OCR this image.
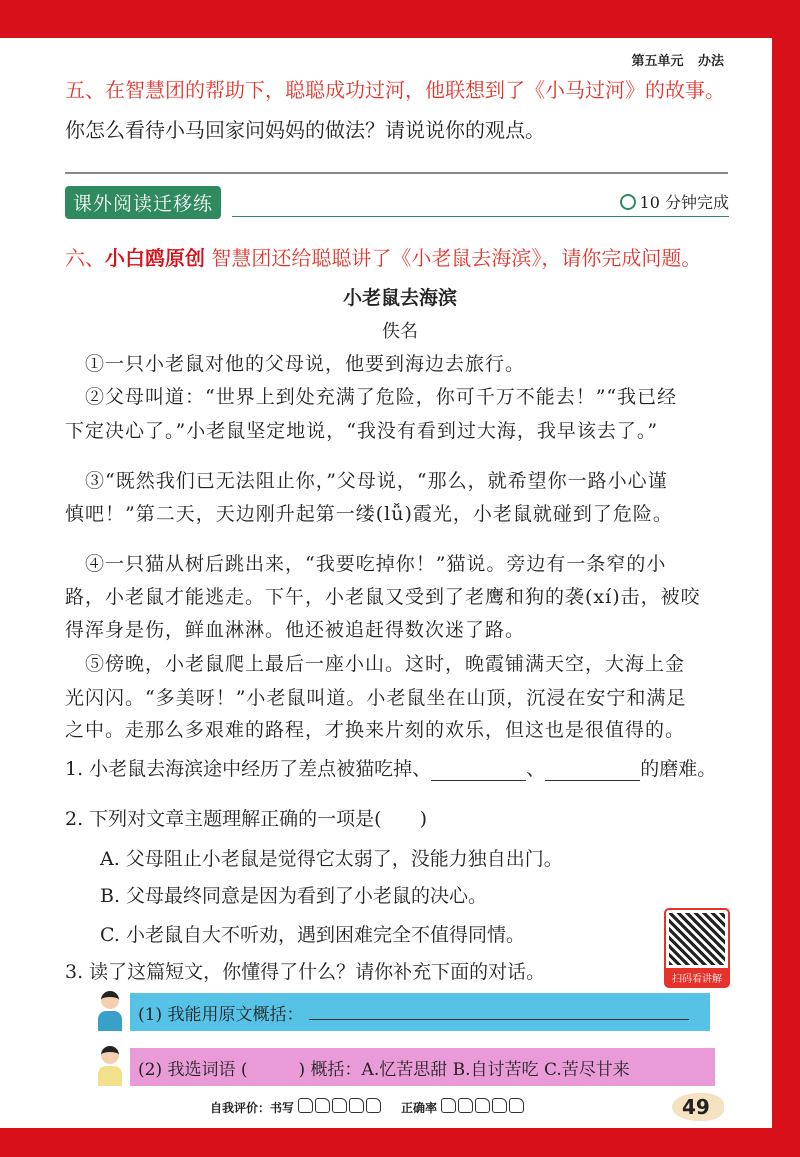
第五单元 办法
五、在智慧团的帮助下，聪聪成功过河，他联想到了《小马过河》的故事。
你怎么看待小马回家问妈妈的做法？请说说你的观点。
课外阅读迁移练	10 分钟完成
六、小白鸥原创 智慧团还给聪聪讲了《小老鼠去海滨》，请你完成问题。
小老鼠去海滨
佚名
　①一只小老鼠对他的父母说，他要到海边去旅行。
　②父母叫道：“世界上到处充满了危险，你可千万不能去！”“我已经
下定决心了。”小老鼠坚定地说，“我没有看到过大海，我早该去了。”
　③“既然我们已无法阻止你，”父母说，“那么，就希望你一路小心谨
慎吧！”第二天，天边刚升起第一缕(lǚ)霞光，小老鼠就碰到了危险。
　④一只猫从树后跳出来，“我要吃掉你！”猫说。旁边有一条窄的小
路，小老鼠才能逃走。下午，小老鼠又受到了老鹰和狗的袭(xí)击，被咬
得浑身是伤，鲜血淋淋。他还被追赶得数次迷了路。
　⑤傍晚，小老鼠爬上最后一座小山。这时，晚霞铺满天空，大海上金
光闪闪。“多美呀！”小老鼠叫道。小老鼠坐在山顶，沉浸在安宁和满足
之中。走那么多艰难的路程，才换来片刻的欢乐，但这也是很值得的。
1. 小老鼠去海滨途中经历了差点被猫吃掉、	、	的磨难。
2. 下列对文章主题理解正确的一项是(　　)
A. 父母阻止小老鼠是觉得它太弱了，没能力独自出门。
B. 父母最终同意是因为看到了小老鼠的决心。
C. 小老鼠自大不听劝，遇到困难完全不值得同情。
3. 读了这篇短文，你懂得了什么？请你补充下面的对话。	扫码看讲解
(1) 我能用原文概括：
(2) 我选词语 (　　　) 概括：A.忆苦思甜 B.自讨苦吃 C.苦尽甘来
自我评价：书写	正确率	49
